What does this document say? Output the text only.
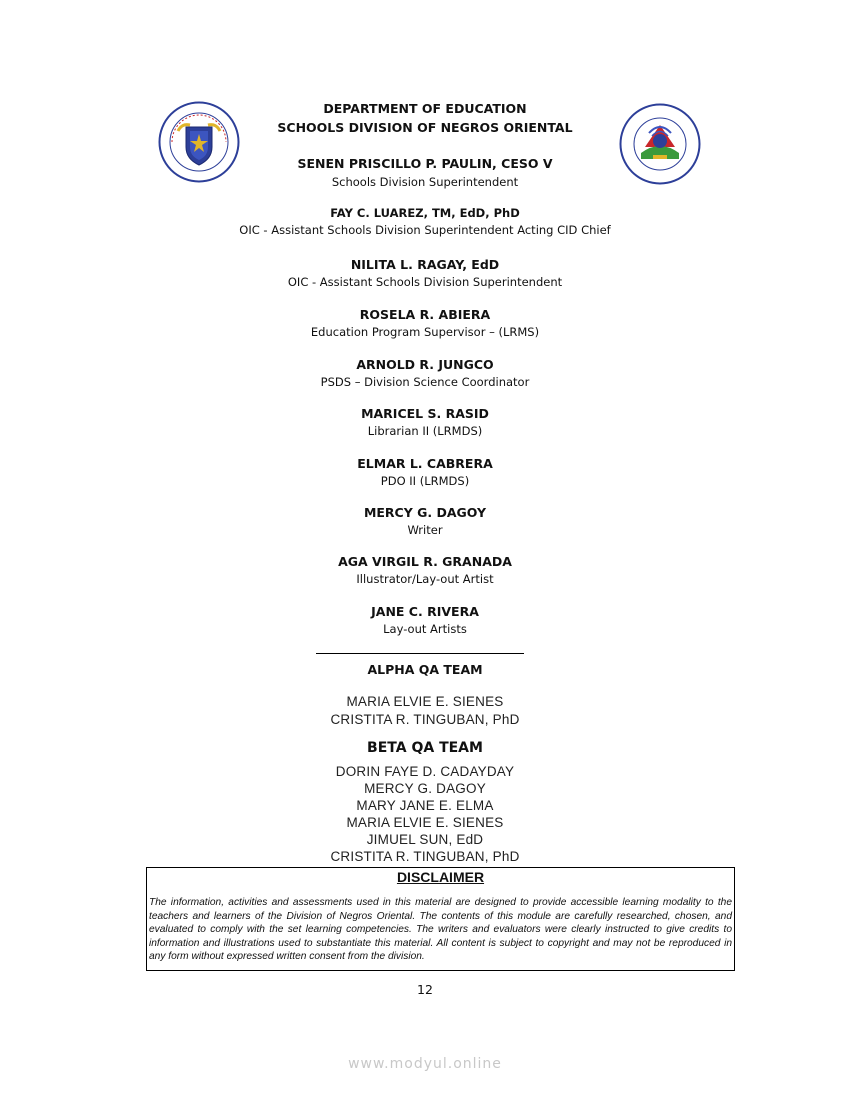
DEPARTMENT OF EDUCATION
SCHOOLS DIVISION OF NEGROS ORIENTAL
SENEN PRISCILLO P. PAULIN, CESO V
Schools Division Superintendent
FAY C. LUAREZ, TM, EdD, PhD
OIC - Assistant Schools Division Superintendent Acting CID Chief
NILITA L. RAGAY, EdD
OIC - Assistant Schools Division Superintendent
ROSELA R. ABIERA
Education Program Supervisor – (LRMS)
ARNOLD R. JUNGCO
PSDS – Division Science Coordinator
MARICEL S. RASID
Librarian II (LRMDS)
ELMAR L. CABRERA
PDO II (LRMDS)
MERCY G. DAGOY
Writer
AGA VIRGIL R. GRANADA
Illustrator/Lay-out Artist
JANE C. RIVERA
Lay-out Artists
ALPHA QA TEAM
MARIA ELVIE E. SIENES
CRISTITA R. TINGUBAN, PhD
BETA QA TEAM
DORIN FAYE D. CADAYDAY
MERCY G. DAGOY
MARY JANE E. ELMA
MARIA ELVIE E. SIENES
JIMUEL SUN, EdD
CRISTITA R. TINGUBAN, PhD
DISCLAIMER
The information, activities and assessments used in this material are designed to provide accessible learning modality to the teachers and learners of the Division of Negros Oriental. The contents of this module are carefully researched, chosen, and evaluated to comply with the set learning competencies. The writers and evaluators were clearly instructed to give credits to information and illustrations used to substantiate this material. All content is subject to copyright and may not be reproduced in any form without expressed written consent from the division.
12
www.modyul.online
